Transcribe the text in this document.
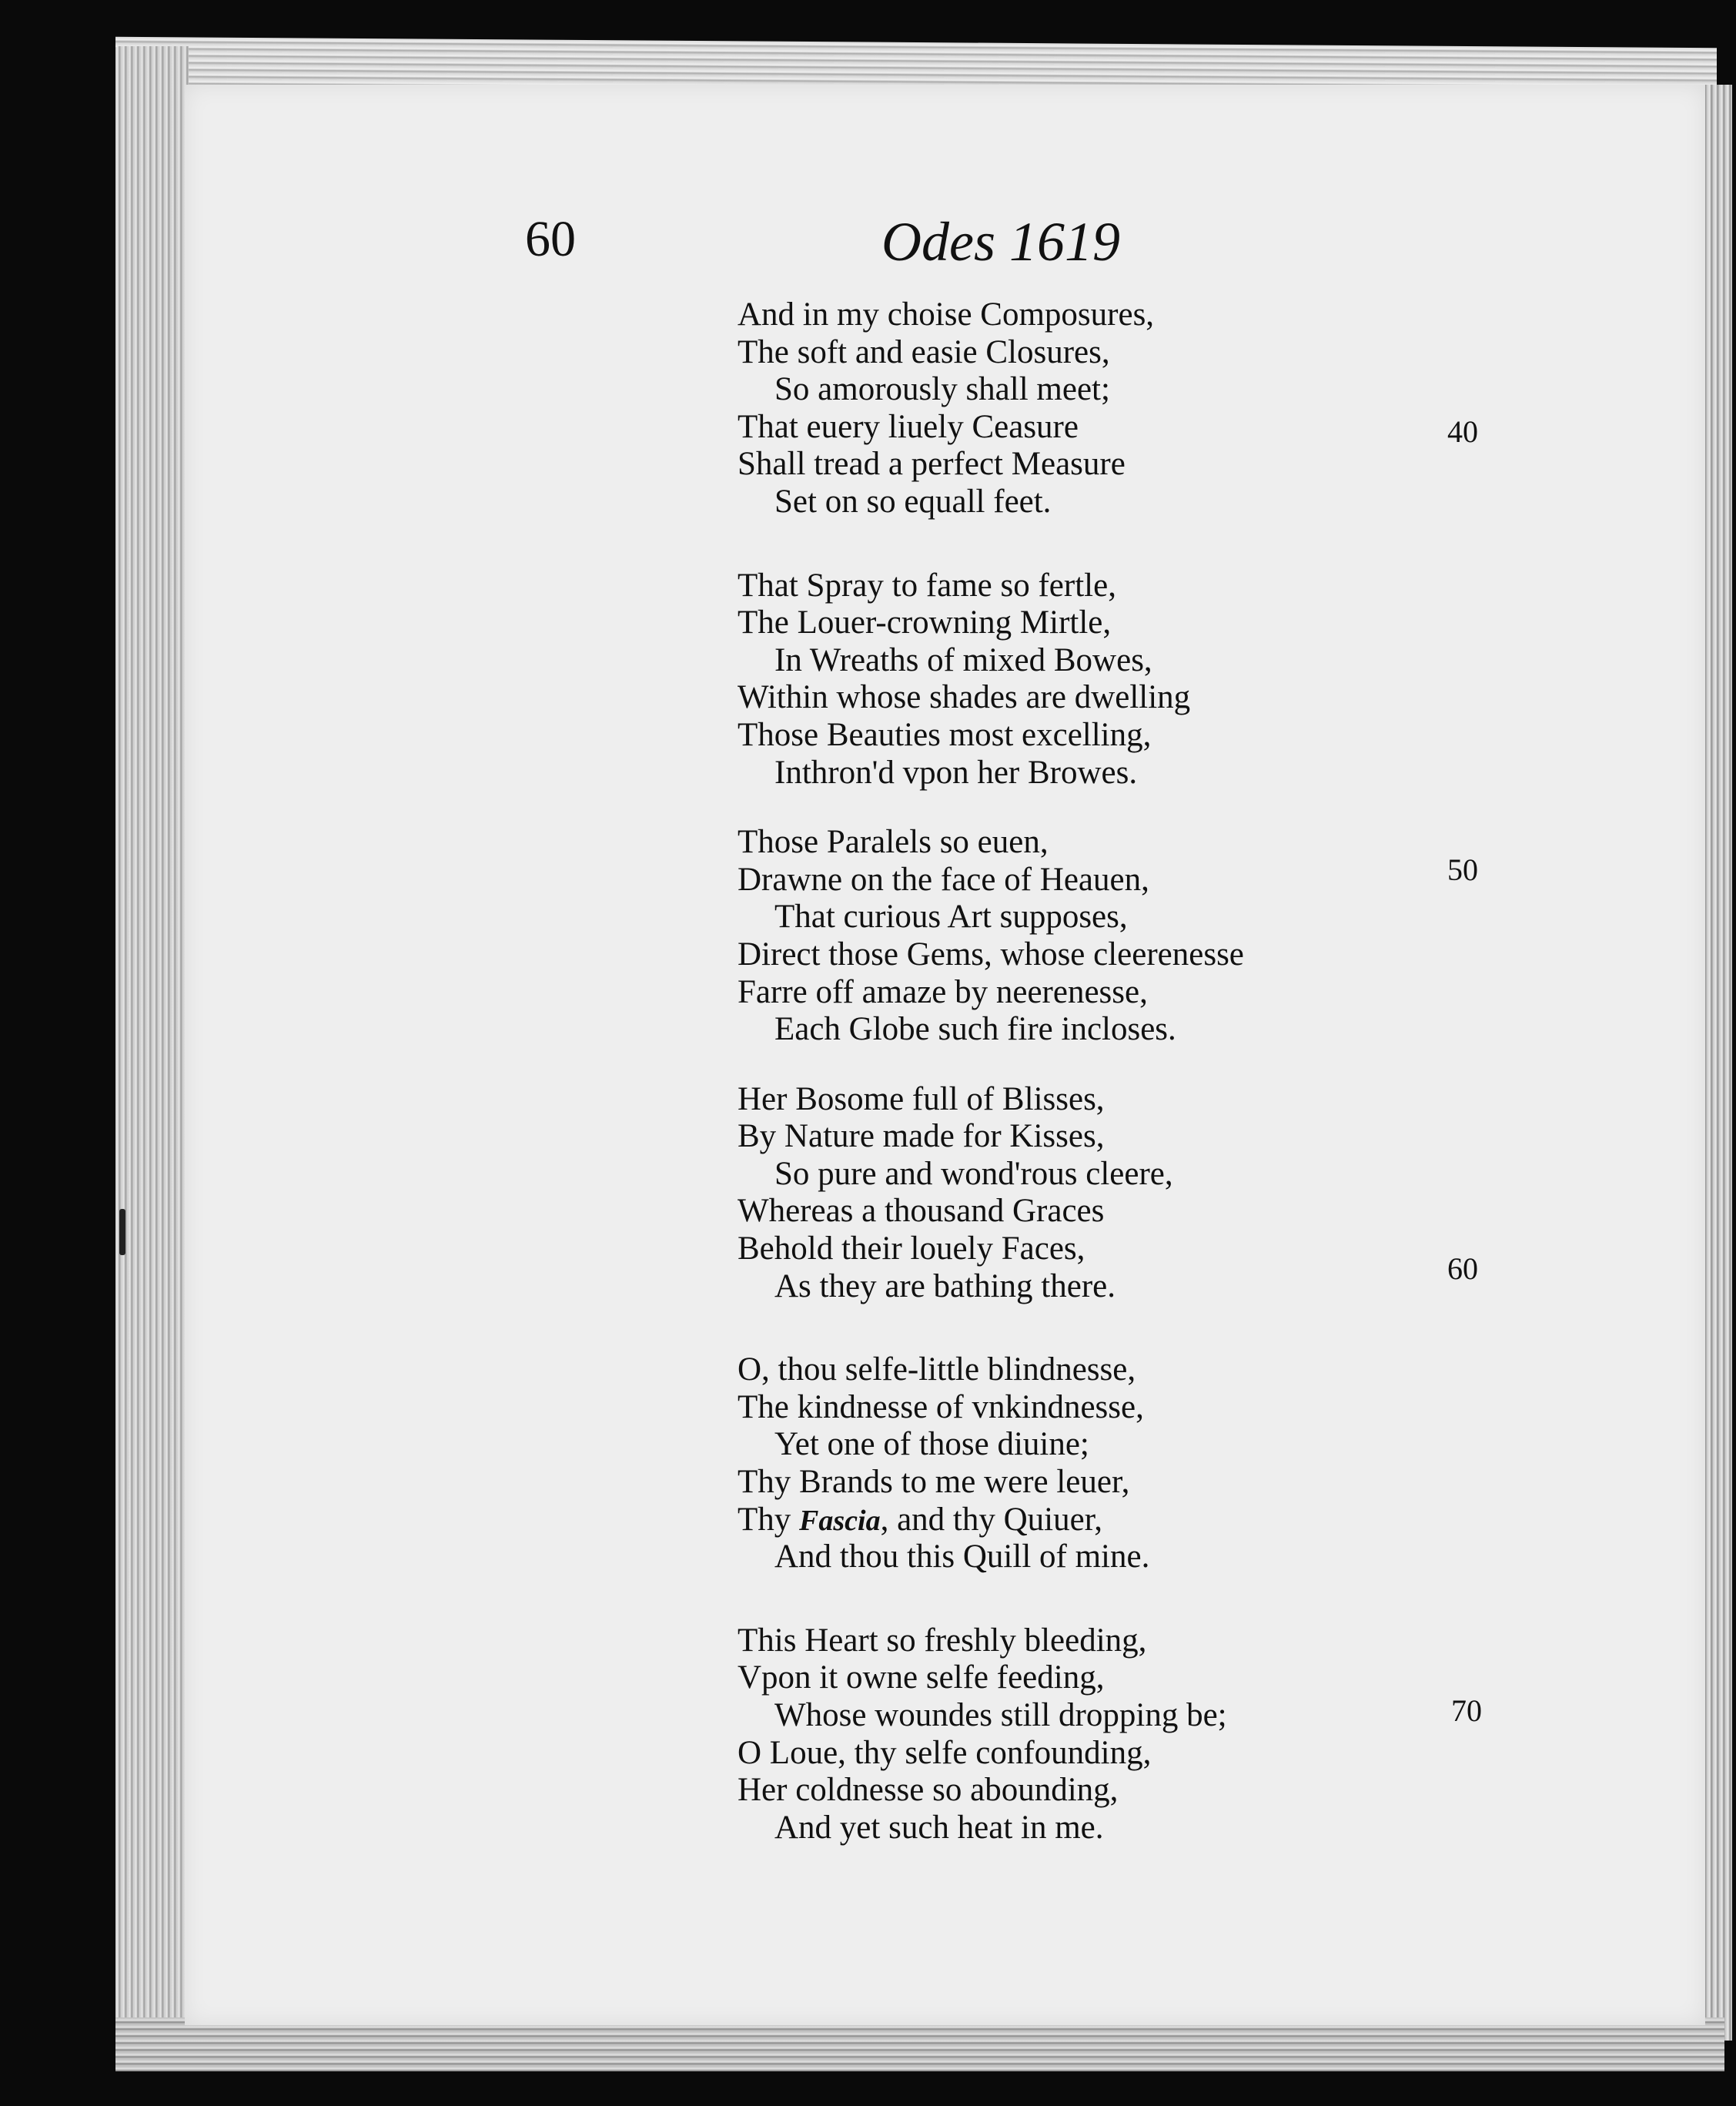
60	Odes 1619
And in my choise Composures,
The soft and easie Closures,
So amorously shall meet;
That euery liuely Ceasure
Shall tread a perfect Measure
Set on so equall feet.
That Spray to fame so fertle,
The Louer-crowning Mirtle,
In Wreaths of mixed Bowes,
Within whose shades are dwelling
Those Beauties most excelling,
Inthron'd vpon her Browes.
Those Paralels so euen,
Drawne on the face of Heauen,
That curious Art supposes,
Direct those Gems, whose cleerenesse
Farre off amaze by neerenesse,
Each Globe such fire incloses.
Her Bosome full of Blisses,
By Nature made for Kisses,
So pure and wond'rous cleere,
Whereas a thousand Graces
Behold their louely Faces,
As they are bathing there.
O, thou selfe-little blindnesse,
The kindnesse of vnkindnesse,
Yet one of those diuine;
Thy Brands to me were leuer,
Thy Fascia, and thy Quiuer,
And thou this Quill of mine.
This Heart so freshly bleeding,
Vpon it owne selfe feeding,
Whose woundes still dropping be;
O Loue, thy selfe confounding,
Her coldnesse so abounding,
And yet such heat in me.
40
50
60
70
